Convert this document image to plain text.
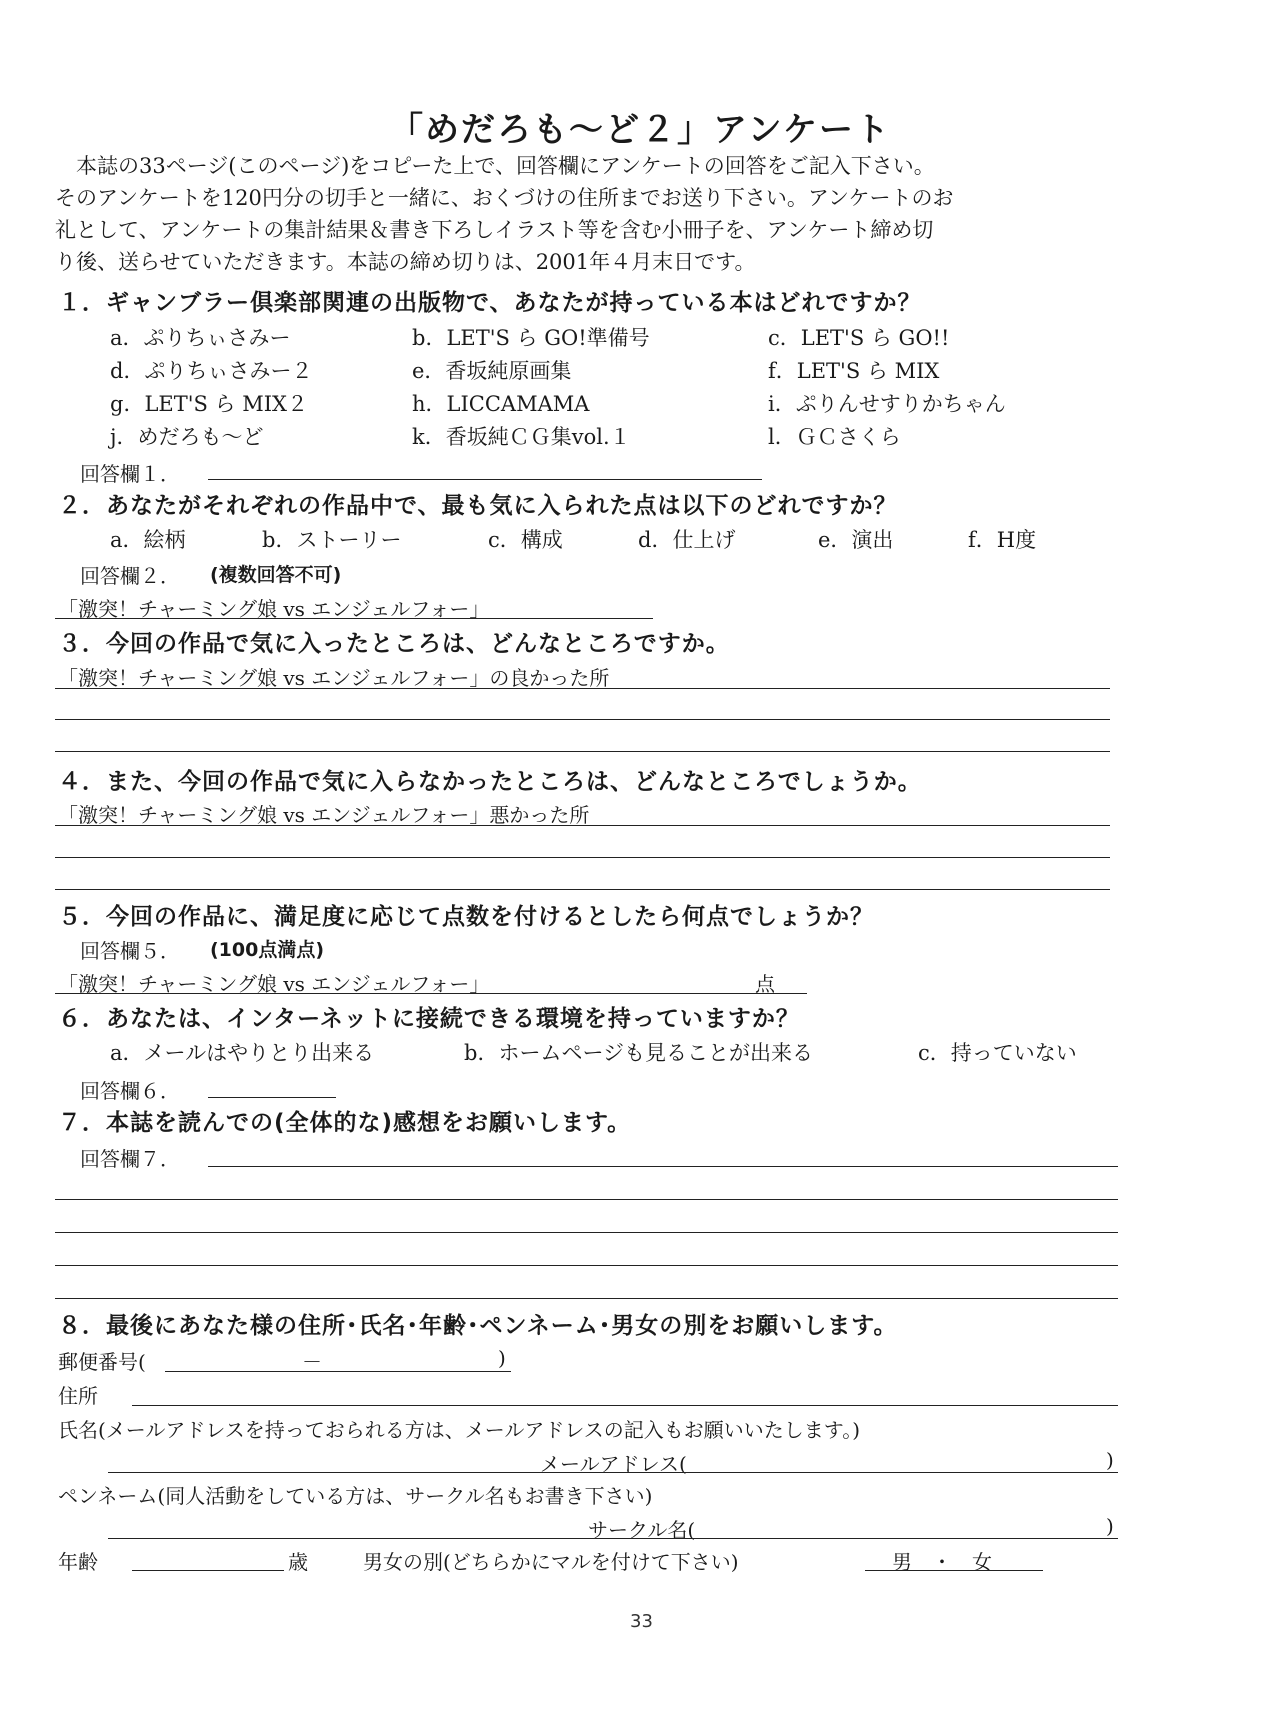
「めだろも～ど２」アンケート

本誌の33ページ(このページ)をコピーた上で、回答欄にアンケートの回答をご記入下さい。

そのアンケートを120円分の切手と一緒に、おくづけの住所までお送り下さい。アンケートのお

礼として、アンケートの集計結果＆書き下ろしイラスト等を含む小冊子を、アンケート締め切

り後、送らせていただきます。本誌の締め切りは、2001年４月末日です。

１．ギャンブラー倶楽部関連の出版物で、あなたが持っている本はどれですか？
a．ぷりちぃさみー	b．LET'S ら GO!準備号	c．LET'S ら GO!!
d．ぷりちぃさみー２	e．香坂純原画集	f．LET'S ら MIX
g．LET'S ら MIX２	h．LICCAMAMA	i．ぷりんせすりかちゃん
j．めだろも～ど	k．香坂純ＣＧ集vol.１	l．ＧＣさくら
回答欄１．
２．あなたがそれぞれの作品中で、最も気に入られた点は以下のどれですか？
a．絵柄	b．ストーリー	c．構成	d．仕上げ	e．演出	f．H度
回答欄２． (複数回答不可)
「激突！チャーミング娘 vs エンジェルフォー」
３．今回の作品で気に入ったところは、どんなところですか。
「激突！チャーミング娘 vs エンジェルフォー」の良かった所
４．また、今回の作品で気に入らなかったところは、どんなところでしょうか。
「激突！チャーミング娘 vs エンジェルフォー」悪かった所
５．今回の作品に、満足度に応じて点数を付けるとしたら何点でしょうか？
回答欄５． (100点満点)
「激突！チャーミング娘 vs エンジェルフォー」	点
６．あなたは、インターネットに接続できる環境を持っていますか？
a．メールはやりとり出来る	b．ホームページも見ることが出来る	c．持っていない
回答欄６．
７．本誌を読んでの(全体的な)感想をお願いします。
回答欄７．
８．最後にあなた様の住所･氏名･年齢･ペンネーム･男女の別をお願いします。
郵便番号(	－	)
住所
氏名(メールアドレスを持っておられる方は、メールアドレスの記入もお願いいたします。)
メールアドレス(	)
ペンネーム(同人活動をしている方は、サークル名もお書き下さい)
サークル名(	)
年齢	歳	男女の別(どちらかにマルを付けて下さい)	男　・　女
33
